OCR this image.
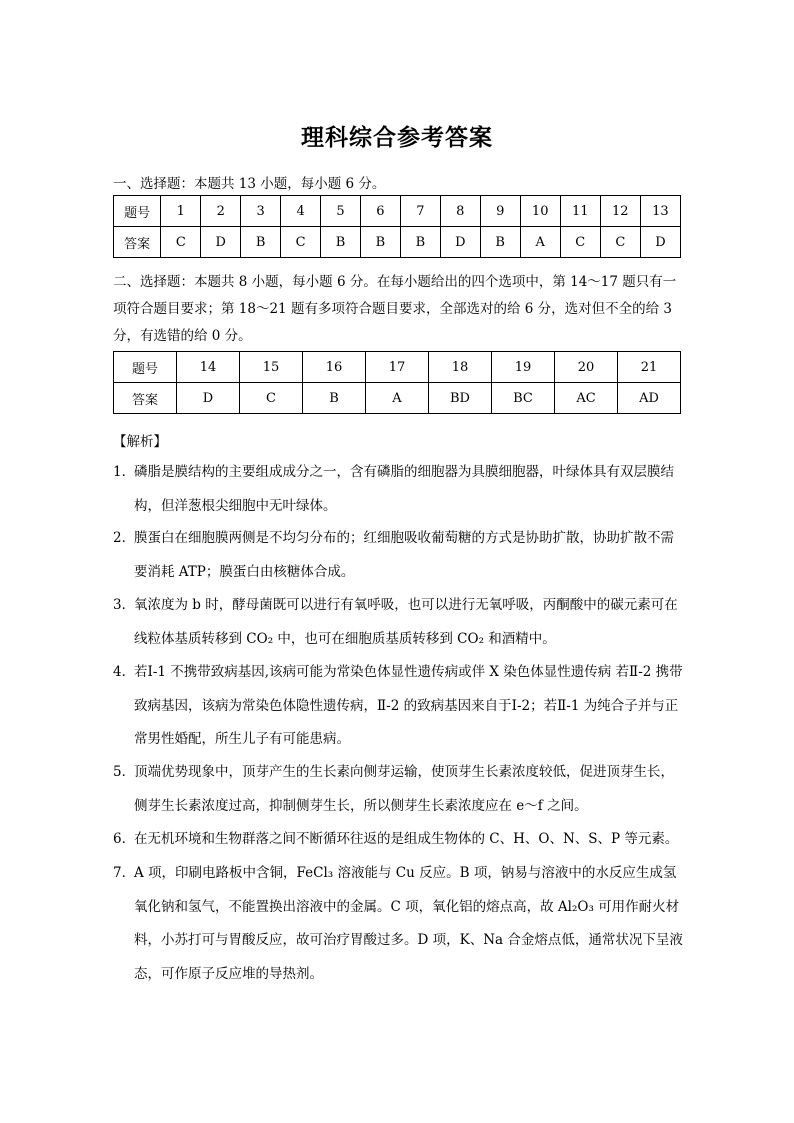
理科综合参考答案
一、选择题：本题共 13 小题，每小题 6 分。
题号	1	2	3	4	5	6	7	8	9	10	11	12	13
答案	C	D	B	C	B	B	B	D	B	A	C	C	D
二、选择题：本题共 8 小题，每小题 6 分。在每小题给出的四个选项中，第 14～17 题只有一
项符合题目要求；第 18～21 题有多项符合题目要求，全部选对的给 6 分，选对但不全的给 3
分，有选错的给 0 分。
题号	14	15	16	17	18	19	20	21
答案	D	C	B	A	BD	BC	AC	AD
【解析】
1．
磷脂是膜结构的主要组成成分之一，含有磷脂的细胞器为具膜细胞器，叶绿体具有双层膜结构，但洋葱根尖细胞中无叶绿体。
2．
膜蛋白在细胞膜两侧是不均匀分布的；红细胞吸收葡萄糖的方式是协助扩散，协助扩散不需要消耗 ATP；膜蛋白由核糖体合成。
3．
氧浓度为 b 时，酵母菌既可以进行有氧呼吸，也可以进行无氧呼吸，丙酮酸中的碳元素可在线粒体基质转移到 CO₂ 中，也可在细胞质基质转移到 CO₂ 和酒精中。
4．
若Ⅰ-1 不携带致病基因,该病可能为常染色体显性遗传病或伴 X 染色体显性遗传病 若Ⅱ-2 携带致病基因，该病为常染色体隐性遗传病，Ⅱ-2 的致病基因来自于Ⅰ-2；若Ⅱ-1 为纯合子并与正常男性婚配，所生儿子有可能患病。
5．
顶端优势现象中，顶芽产生的生长素向侧芽运输，使顶芽生长素浓度较低，促进顶芽生长，侧芽生长素浓度过高，抑制侧芽生长，所以侧芽生长素浓度应在 e～f 之间。
6．
在无机环境和生物群落之间不断循环往返的是组成生物体的 C、H、O、N、S、P 等元素。
7．
A 项，印刷电路板中含铜，FeCl₃ 溶液能与 Cu 反应。B 项，钠易与溶液中的水反应生成氢氧化钠和氢气，不能置换出溶液中的金属。C 项，氧化铝的熔点高，故 Al₂O₃ 可用作耐火材料，小苏打可与胃酸反应，故可治疗胃酸过多。D 项，K、Na 合金熔点低，通常状况下呈液态，可作原子反应堆的导热剂。
